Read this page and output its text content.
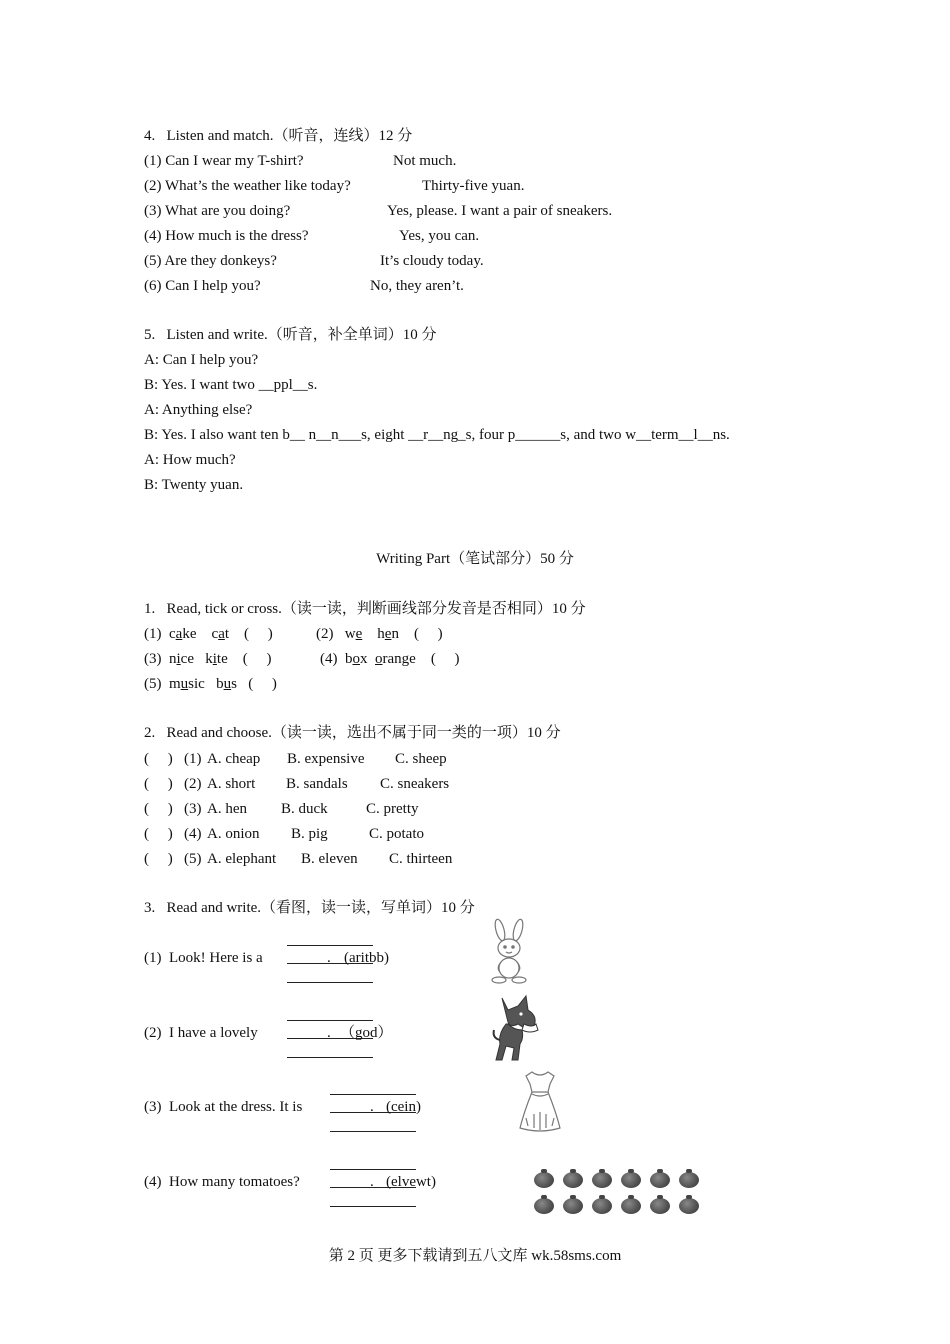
4.   Listen and match.（听音，连线）12 分
(1) Can I wear my T-shirt?	Not much.
(2) What’s the weather like today?	Thirty-five yuan.
(3) What are you doing?	Yes, please. I want a pair of sneakers.
(4) How much is the dress?	Yes, you can.
(5) Are they donkeys?	It’s cloudy today.
(6) Can I help you?	No, they aren’t.
5.   Listen and write.（听音，补全单词）10 分
A: Can I help you?
B: Yes. I want two __ppl__s.
A: Anything else?
B: Yes. I also want ten b__ n__n___s, eight __r__ng_s, four p______s, and two w__term__l__ns.
A: How much?
B: Twenty yuan.
Writing Part（笔试部分）50 分
1.   Read, tick or cross.（读一读，判断画线部分发音是否相同）10 分
(1) cake cat (     )	(2) we hen (     )
(3) nice kite (     )	(4) box orange (     )
(5) music bus (     )
2.   Read and choose.（读一读，选出不属于同一类的一项）10 分
(     ) (1) A. cheap B. expensive C. sheep
(     ) (2) A. short B. sandals C. sneakers
(     ) (3) A. hen B. duck	C. pretty
(     ) (4) A. onion B. pig	C. potato
(     ) (5) A. elephant B. eleven C. thirteen
3.   Read and write.（看图，读一读，写单词）10 分
(1)  Look! Here is a	. (aritbb)
(2)  I have a lovely	. （god）
(3)  Look at the dress. It is	. (cein)
(4)  How many tomatoes?	. (elvewt)
第 2 页 更多下载请到五八文库 wk.58sms.com
